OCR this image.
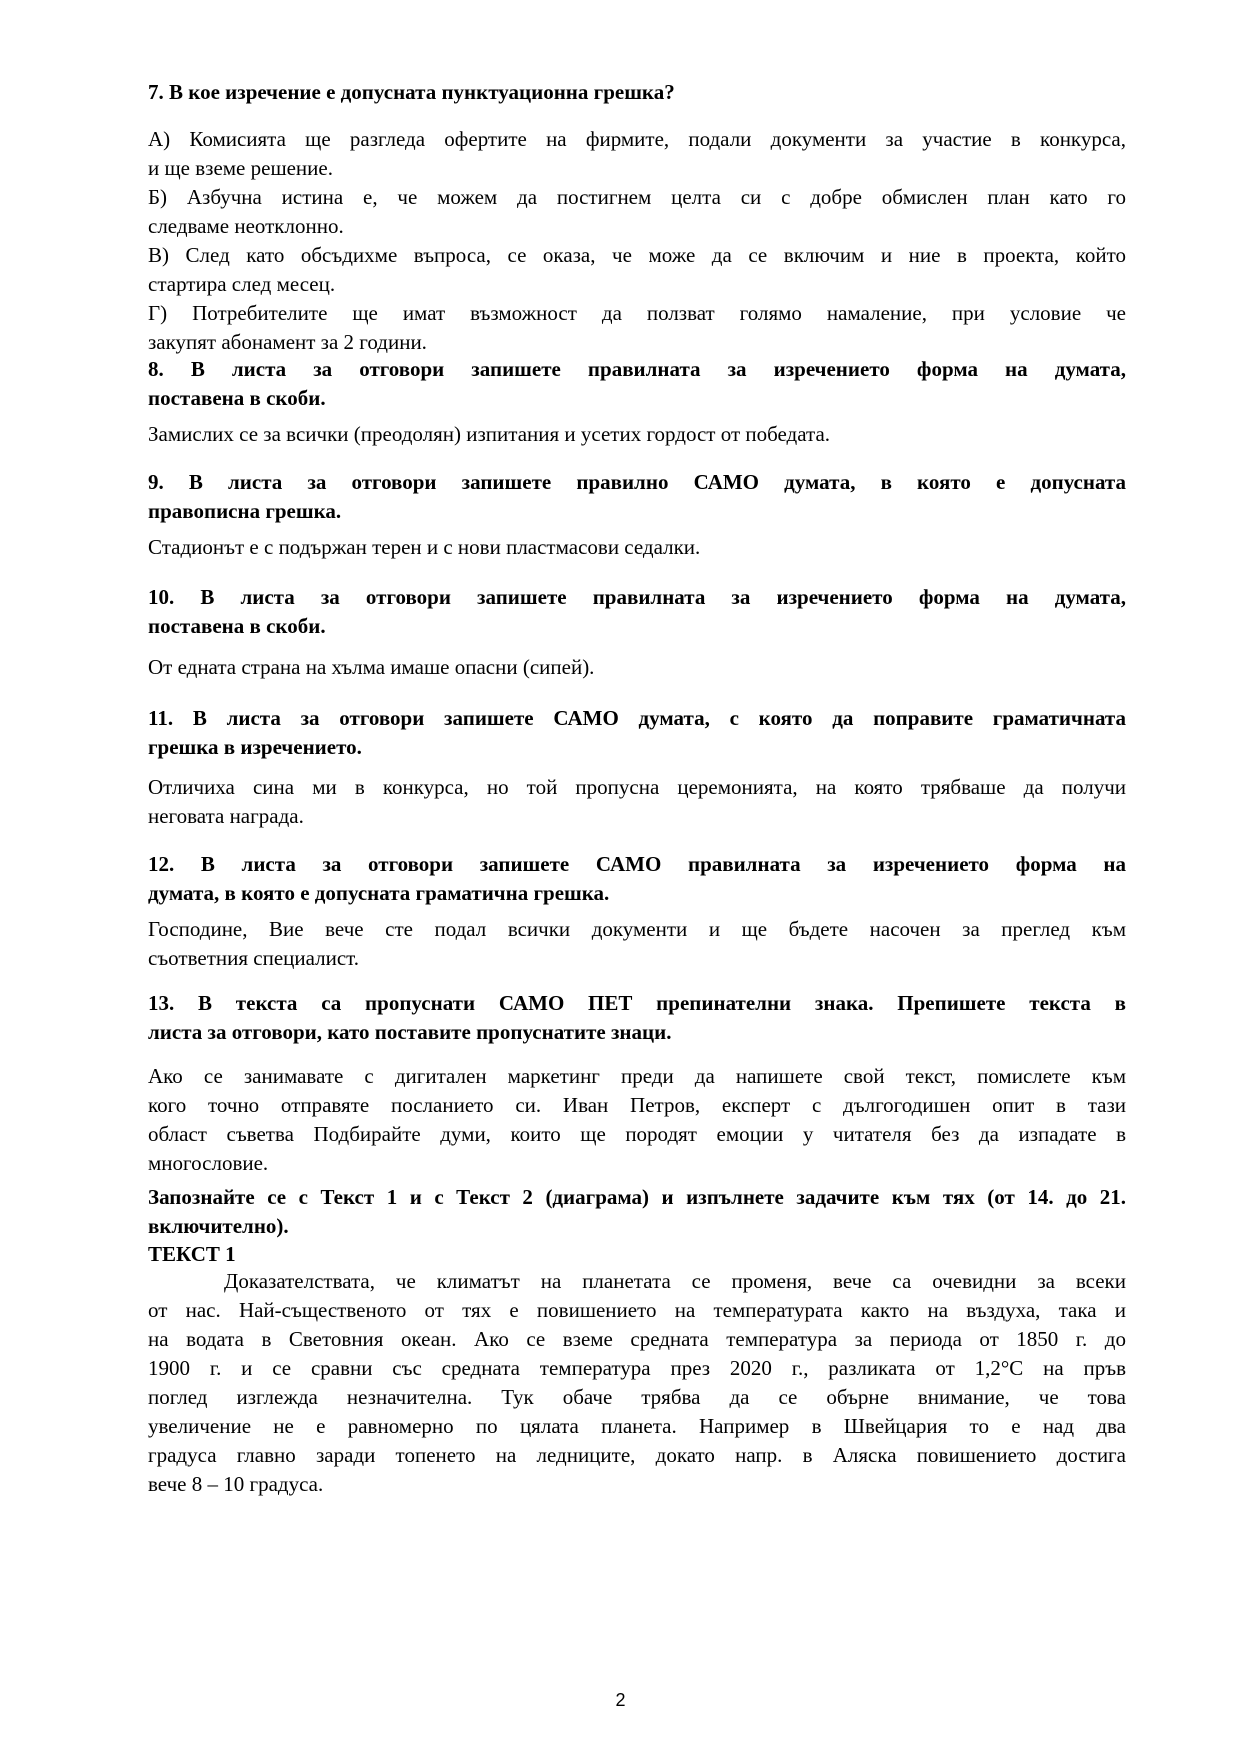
7. В кое изречение е допусната пунктуационна грешка?
А) Комисията ще разгледа офертите на фирмите, подали документи за участие в конкурса,
и ще вземе решение.
Б) Азбучна истина е, че можем да постигнем целта си с добре обмислен план като го
следваме неотклонно.
В) След като обсъдихме въпроса, се оказа, че може да се включим и ние в проекта, който
стартира след месец.
Г) Потребителите ще имат възможност да ползват голямо намаление, при условие че
закупят абонамент за 2 години.
8. В листа за отговори запишете правилната за изречението форма на думата,
поставена в скоби.
Замислих се за всички (преодолян) изпитания и усетих гордост от победата.
9. В листа за отговори запишете правилно САМО думата, в която е допусната
правописна грешка.
Стадионът е с подържан терен и с нови пластмасови седалки.
10. В листа за отговори запишете правилната за изречението форма на думата,
поставена в скоби.
От едната страна на хълма имаше опасни (сипей).
11. В листа за отговори запишете САМО думата, с която да поправите граматичната
грешка в изречението.
Отличиха сина ми в конкурса, но той пропусна церемонията, на която трябваше да получи
неговата награда.
12. В листа за отговори запишете САМО правилната за изречението форма на
думата, в която е допусната граматична грешка.
Господине, Вие вече сте подал всички документи и ще бъдете насочен за преглед към
съответния специалист.
13. В текста са пропуснати САМО ПЕТ препинателни знака. Препишете текста в
листа за отговори, като поставите пропуснатите знаци.
Ако се занимавате с дигитален маркетинг преди да напишете свой текст, помислете към
кого точно отправяте посланието си. Иван Петров, експерт с дългогодишен опит в тази
област съветва Подбирайте думи, които ще породят емоции у читателя без да изпадате в
многословие.
Запознайте се с Текст 1 и с Текст 2 (диаграма) и изпълнете задачите към тях (от 14. до 21.
включително).
ТЕКСТ 1
Доказателствата, че климатът на планетата се променя, вече са очевидни за всеки
от нас. Най-същественото от тях е повишението на температурата както на въздуха, така и
на водата в Световния океан. Ако се вземе средната температура за периода от 1850 г. до
1900 г. и се сравни със средната температура през 2020 г., разликата от 1,2°С на пръв
поглед изглежда незначителна. Тук обаче трябва да се обърне внимание, че това
увеличение не е равномерно по цялата планета. Например в Швейцария то е над два
градуса главно заради топенето на ледниците, докато напр. в Аляска повишението достига
вече 8 – 10 градуса.
2
